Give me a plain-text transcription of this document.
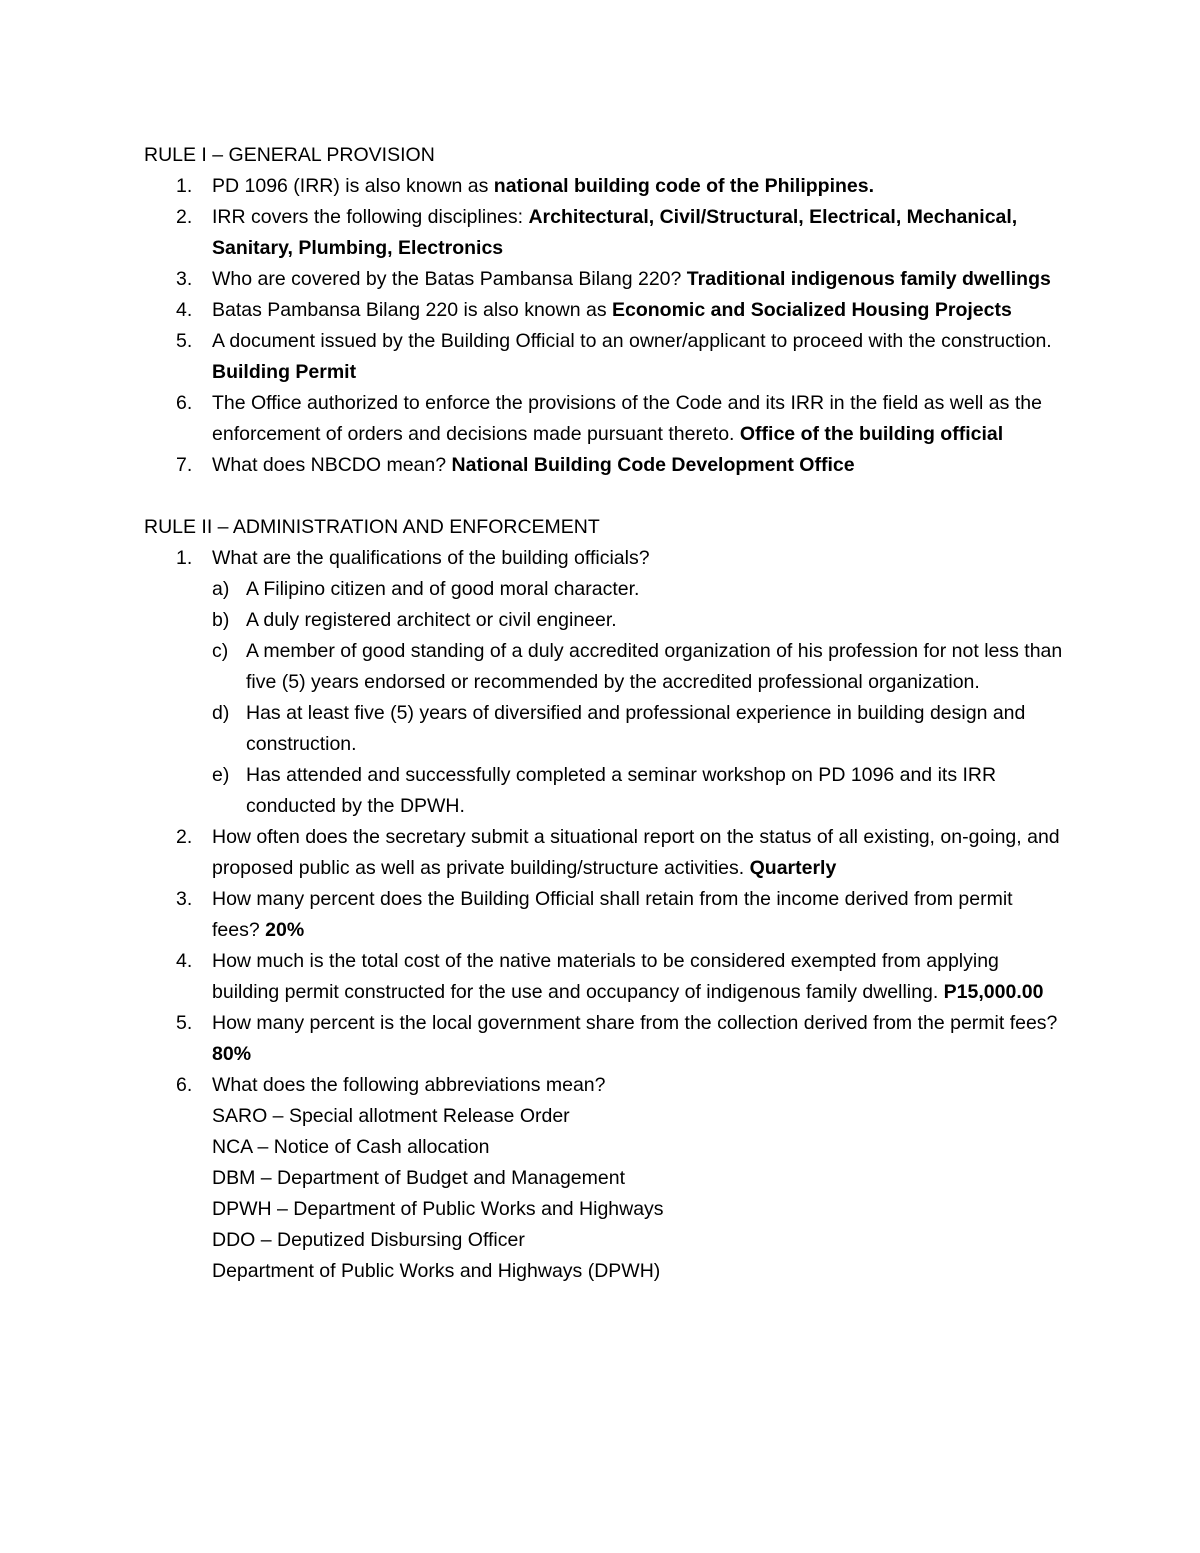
RULE I – GENERAL PROVISION
1. PD 1096 (IRR) is also known as national building code of the Philippines.
2. IRR covers the following disciplines: Architectural, Civil/Structural, Electrical, Mechanical, Sanitary, Plumbing, Electronics
3. Who are covered by the Batas Pambansa Bilang 220? Traditional indigenous family dwellings
4. Batas Pambansa Bilang 220 is also known as Economic and Socialized Housing Projects
5. A document issued by the Building Official to an owner/applicant to proceed with the construction. Building Permit
6. The Office authorized to enforce the provisions of the Code and its IRR in the field as well as the enforcement of orders and decisions made pursuant thereto. Office of the building official
7. What does NBCDO mean? National Building Code Development Office
RULE II – ADMINISTRATION AND ENFORCEMENT
1. What are the qualifications of the building officials?
a) A Filipino citizen and of good moral character.
b) A duly registered architect or civil engineer.
c) A member of good standing of a duly accredited organization of his profession for not less than five (5) years endorsed or recommended by the accredited professional organization.
d) Has at least five (5) years of diversified and professional experience in building design and construction.
e) Has attended and successfully completed a seminar workshop on PD 1096 and its IRR conducted by the DPWH.
2. How often does the secretary submit a situational report on the status of all existing, on-going, and proposed public as well as private building/structure activities. Quarterly
3. How many percent does the Building Official shall retain from the income derived from permit fees? 20%
4. How much is the total cost of the native materials to be considered exempted from applying building permit constructed for the use and occupancy of indigenous family dwelling. P15,000.00
5. How many percent is the local government share from the collection derived from the permit fees? 80%
6. What does the following abbreviations mean?
SARO – Special allotment Release Order
NCA – Notice of Cash allocation
DBM – Department of Budget and Management
DPWH – Department of Public Works and Highways
DDO – Deputized Disbursing Officer
Department of Public Works and Highways (DPWH)
